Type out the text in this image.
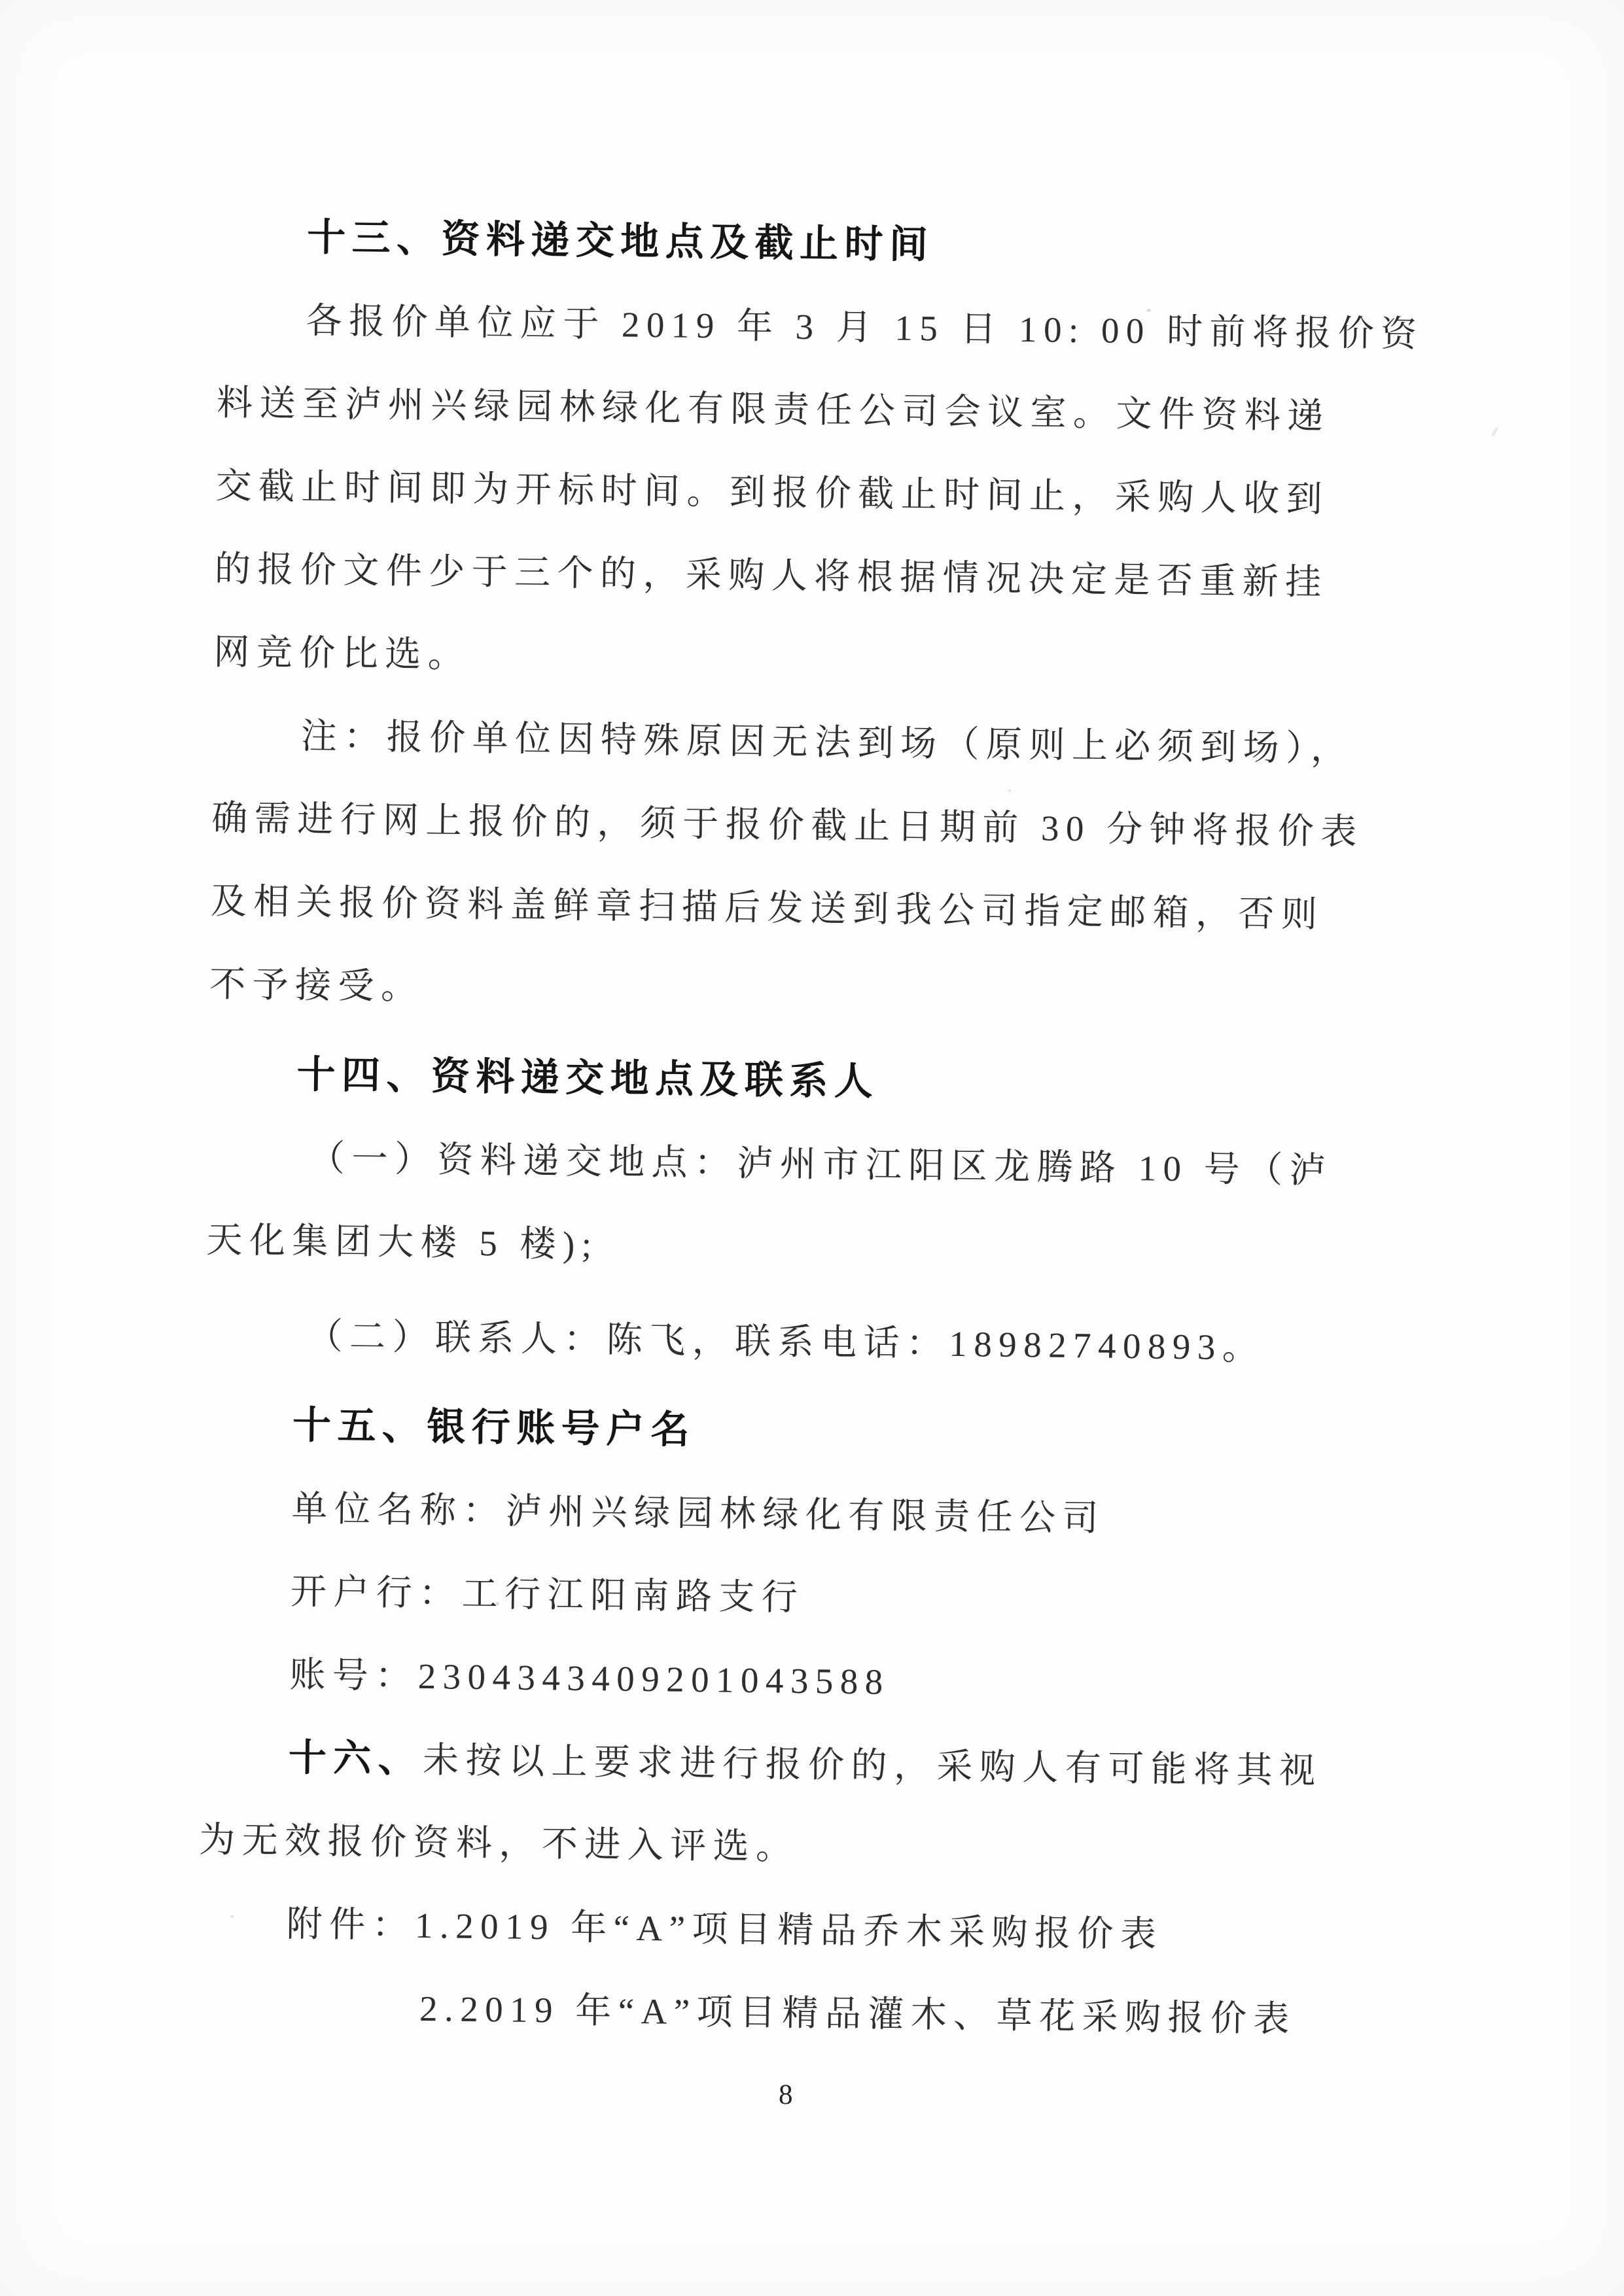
十三、资料递交地点及截止时间
各报价单位应于 2019 年 3 月 15 日 10: 00 时前将报价资
料送至泸州兴绿园林绿化有限责任公司会议室。文件资料递
交截止时间即为开标时间。到报价截止时间止，采购人收到
的报价文件少于三个的，采购人将根据情况决定是否重新挂
网竞价比选。
注：报价单位因特殊原因无法到场（原则上必须到场），
确需进行网上报价的，须于报价截止日期前 30 分钟将报价表
及相关报价资料盖鲜章扫描后发送到我公司指定邮箱，否则
不予接受。
十四、资料递交地点及联系人
（一）资料递交地点：泸州市江阳区龙腾路 10 号（泸
天化集团大楼 5 楼);
（二）联系人：陈飞，联系电话：18982740893。
十五、银行账号户名
单位名称：泸州兴绿园林绿化有限责任公司
开户行：工行江阳南路支行
账号：2304343409201043588
十六、未按以上要求进行报价的，采购人有可能将其视
为无效报价资料，不进入评选。
附件：1.2019 年“A”项目精品乔木采购报价表
2.2019 年“A”项目精品灌木、草花采购报价表
8
